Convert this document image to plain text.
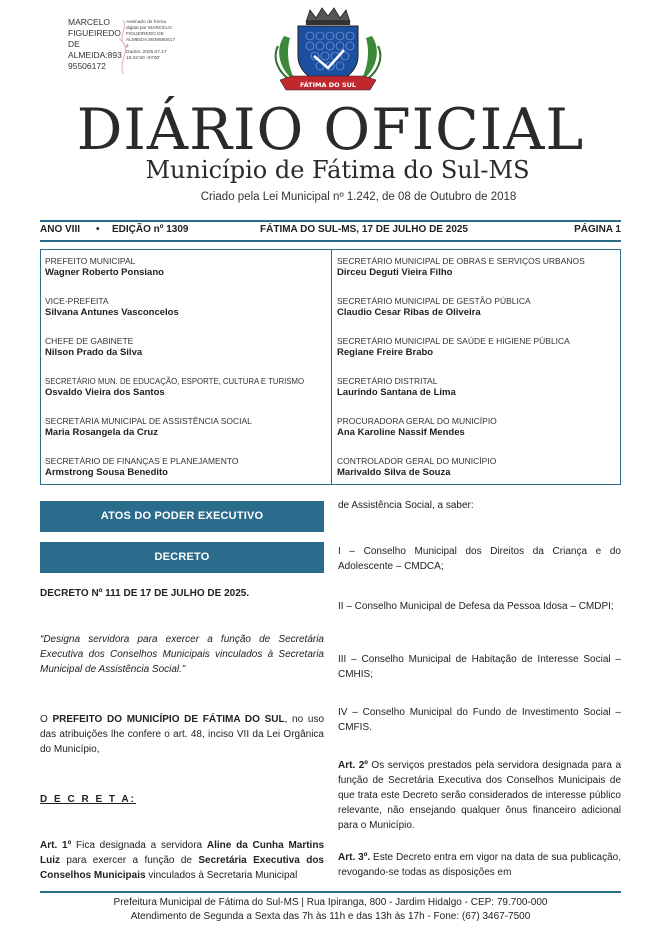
MARCELO
FIGUEIREDO
DE
ALMEIDA:893
95506172
Assinado de forma
digital por MARCELO
FIGUEIREDO DE
ALMEIDA:8939550617
2
Dados: 2025.07.17
16:42:50 -04'00'
FÁTIMA DO SUL
DIÁRIO OFICIAL
Município de Fátima do Sul-MS
Criado pela Lei Municipal nº 1.242, de 08 de Outubro de 2018
ANO VIII • EDIÇÃO nº 1309	FÁTIMA DO SUL-MS, 17 DE JULHO DE 2025	PÁGINA 1
PREFEITO MUNICIPAL
Wagner Roberto Ponsiano
VICE-PREFEITA
Silvana Antunes Vasconcelos
CHEFE DE GABINETE
Nilson Prado da Silva
SECRETÁRIO MUN. DE EDUCAÇÃO, ESPORTE, CULTURA E TURISMO
Osvaldo Vieira dos Santos
SECRETÁRIA MUNICIPAL DE ASSISTÊNCIA SOCIAL
Maria Rosangela da Cruz
SECRETÁRIO DE FINANÇAS E PLANEJAMENTO
Armstrong Sousa Benedito
SECRETÁRIO MUNICIPAL DE OBRAS E SERVIÇOS URBANOS
Dirceu Deguti Vieira Filho
SECRETÁRIO MUNICIPAL DE GESTÃO PÚBLICA
Claudio Cesar Ribas de Oliveira
SECRETÁRIO MUNICIPAL DE SAÚDE E HIGIENE PÚBLICA
Regiane Freire Brabo
SECRETÁRIO DISTRITAL
Laurindo Santana de Lima
PROCURADORA GERAL DO MUNICÍPIO
Ana Karoline Nassif Mendes
CONTROLADOR GERAL DO MUNICÍPIO
Marivaldo Silva de Souza
ATOS DO PODER EXECUTIVO
DECRETO
DECRETO Nº 111 DE 17 DE JULHO DE 2025.
“Designa servidora para exercer a função de Secretária Executiva dos Conselhos Municipais vinculados à Secretaria Municipal de Assistência Social.”
O PREFEITO DO MUNICÍPIO DE FÁTIMA DO SUL, no uso das atribuições lhe confere o art. 48, inciso VII da Lei Orgânica do Município,
D E C R E T A:
Art. 1º Fica designada a servidora Aline da Cunha Martins Luiz para exercer a função de Secretária Executiva dos Conselhos Municipais vinculados à Secretaria Municipal
de Assistência Social, a saber:
I – Conselho Municipal dos Direitos da Criança e do Adolescente – CMDCA;
II – Conselho Municipal de Defesa da Pessoa Idosa – CMDPI;
III – Conselho Municipal de Habitação de Interesse Social – CMHIS;
IV – Conselho Municipal do Fundo de Investimento Social – CMFIS.
Art. 2º Os serviços prestados pela servidora designada para a função de Secretária Executiva dos Conselhos Municipais de que trata este Decreto serão considerados de interesse público relevante, não ensejando qualquer ônus financeiro adicional para o Município.
Art. 3º. Este Decreto entra em vigor na data de sua publicação, revogando-se todas as disposições em
Prefeitura Municipal de Fátima do Sul-MS | Rua Ipiranga, 800 - Jardim Hidalgo - CEP: 79.700-000
Atendimento de Segunda a Sexta das 7h às 11h e das 13h às 17h - Fone: (67) 3467-7500
